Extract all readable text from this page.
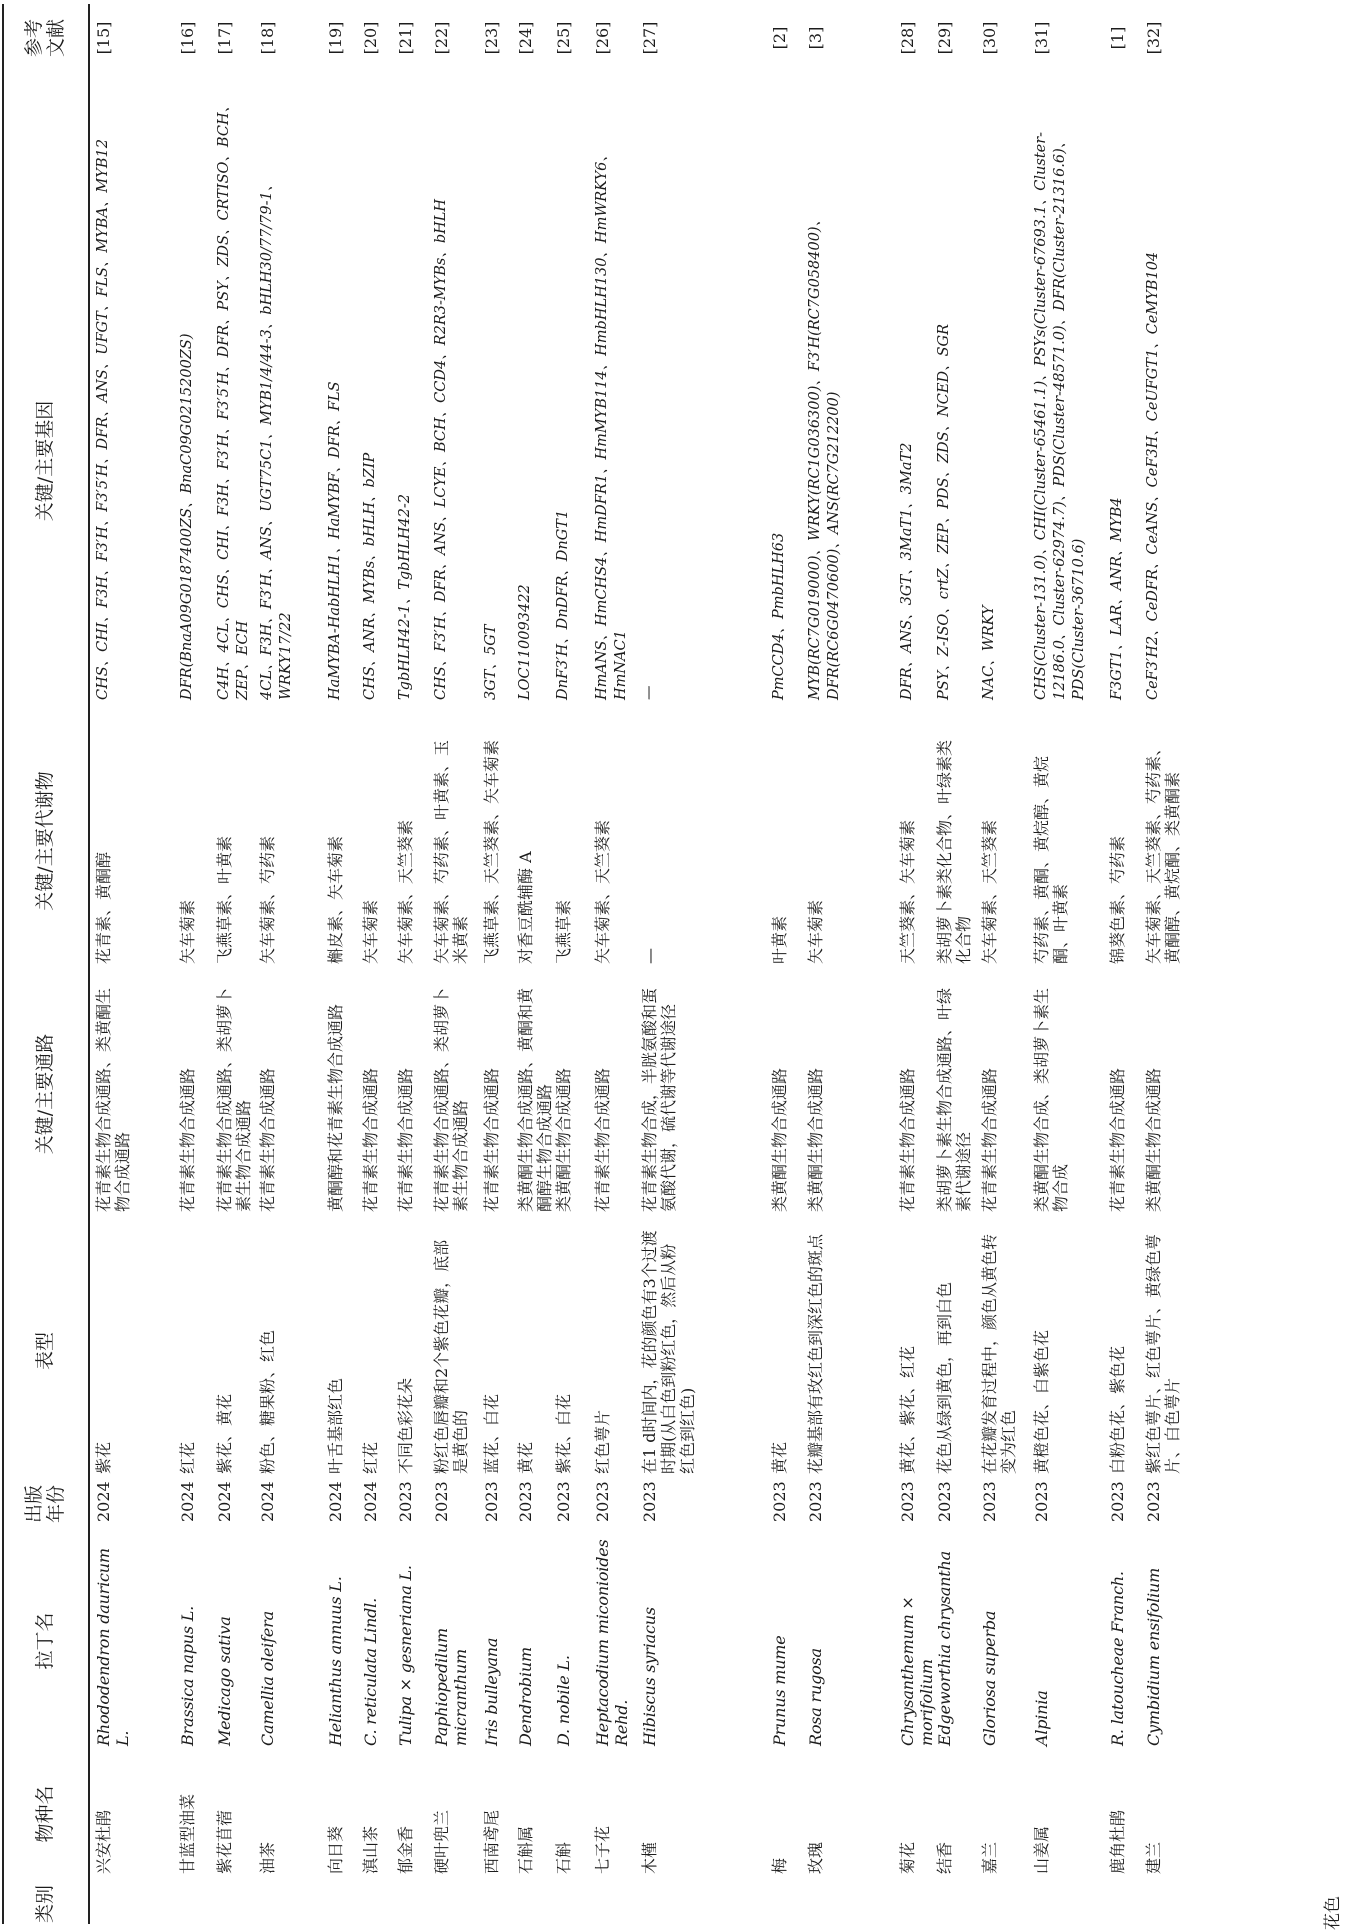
类别
物种名
拉丁名
出版年份
表型
关键/主要通路
关键/主要代谢物
关键/主要基因
参考文献
花色
兴安杜鹃
Rhododendron dauricum L.
2024
紫花
花青素生物合成通路、类黄酮生物合成通路
花青素、黄酮醇
CHS、CHI、F3H、F3′H、F3′5′H、DFR、ANS、UFGT、FLS、MYBA、MYB12
[15]
甘蓝型油菜
Brassica napus L.
2024
红花
花青素生物合成通路
矢车菊素
DFR(BnaA09G0187400ZS、BnaC09G0215200ZS)
[16]
紫花苜蓿
Medicago sativa
2024
紫花、黄花
花青素生物合成通路、类胡萝卜素生物合成通路
飞燕草素、叶黄素
C4H、4CL、CHS、CHI、F3H、F3′H、F3′5′H、DFR、PSY、ZDS、CRTISO、BCH、ZEP、ECH
[17]
油茶
Camellia oleifera
2024
粉色、糖果粉、红色
花青素生物合成通路
矢车菊素、芍药素
4CL、F3H、F3′H、ANS、UGT75C1、MYB1/4/44-3、bHLH30/77/79-1、WRKY17/22
[18]
向日葵
Helianthus annuus L.
2024
叶舌基部红色
黄酮醇和花青素生物合成通路
槲皮素、矢车菊素
HaMYBA-HabHLH1、HaMYBF、DFR、FLS
[19]
滇山茶
C. reticulata Lindl.
2024
红花
花青素生物合成通路
矢车菊素
CHS、ANR、MYBs、bHLH、bZIP
[20]
郁金香
Tulipa × gesneriana L.
2023
不同色彩花朵
花青素生物合成通路
矢车菊素、天竺葵素
TgbHLH42-1、TgbHLH42-2
[21]
硬叶兜兰
Paphiopedilum micranthum
2023
粉红色唇瓣和2个紫色花瓣，底部是黄色的
花青素生物合成通路、类胡萝卜素生物合成通路
矢车菊素、芍药素、叶黄素、玉米黄素
CHS、F3′H、DFR、ANS、LCYE、BCH、CCD4、R2R3-MYBs、bHLH
[22]
西南鸢尾
Iris bulleyana
2023
蓝花、白花
花青素生物合成通路
飞燕草素、天竺葵素、矢车菊素
3GT、5GT
[23]
石斛属
Dendrobium
2023
黄花
类黄酮生物合成通路、黄酮和黄酮醇生物合成通路
对香豆酰辅酶 A
LOC110093422
[24]
石斛
D. nobile L.
2023
紫花、白花
类黄酮生物合成通路
飞燕草素
DnF3′H、DnDFR、DnGT1
[25]
七子花
Heptacodium miconioides Rehd.
2023
红色萼片
花青素生物合成通路
矢车菊素、天竺葵素
HmANS、HmCHS4、HmDFR1、HmMYB114、HmbHLH130、HmWRKY6、HmNAC1
[26]
木槿
Hibiscus syriacus
2023
在1 d时间内，花的颜色有3个过渡时期(从白色到粉红色，然后从粉红色到红色)
花青素生物合成，半胱氨酸和蛋氨酸代谢，硫代谢等代谢途径
—
—
[27]
梅
Prunus mume
2023
黄花
类黄酮生物合成通路
叶黄素
PmCCD4、PmbHLH63
[2]
玫瑰
Rosa rugosa
2023
花瓣基部有玫红色到深红色的斑点
类黄酮生物合成通路
矢车菊素
MYB(RC7G019000)、WRKY(RC1G036300)、F3′H(RC7G058400)、DFR(RC6G0470600)、ANS(RC7G212200)
[3]
菊花
Chrysanthemum × morifolium
2023
黄花、紫花、红花
花青素生物合成通路
天竺葵素、矢车菊素
DFR、ANS、3GT、3MaT1、3MaT2
[28]
结香
Edgeworthia chrysantha
2023
花色从绿到黄色，再到白色
类胡萝卜素生物合成通路、叶绿素代谢途径
类胡萝卜素类化合物、叶绿素类化合物
PSY、Z-ISO、crtZ、ZEP、PDS、ZDS、NCED、SGR
[29]
嘉兰
Gloriosa superba
2023
在花瓣发育过程中，颜色从黄色转变为红色
花青素生物合成通路
矢车菊素、天竺葵素
NAC、WRKY
[30]
山姜属
Alpinia
2023
黄橙色花、白紫色花
类黄酮生物合成、类胡萝卜素生物合成
芍药素、黄酮、黄烷醇、黄烷酮、叶黄素
CHS(Cluster-131.0)、CHI(Cluster-65461.1)、PSYs(Cluster-67693.1、Cluster-12186.0、Cluster-62974.7)、PDS(Cluster-48571.0)、DFR(Cluster-21316.6)、PDS(Cluster-36710.6)
[31]
鹿角杜鹃
R. latoucheae Franch.
2023
白粉色花、紫色花
花青素生物合成通路
锦葵色素、芍药素
F3GT1、LAR、ANR、MYB4
[1]
建兰
Cymbidium ensifolium
2023
紫红色萼片、红色萼片、黄绿色萼片、白色萼片
类黄酮生物合成通路
矢车菊素、天竺葵素、芍药素、黄酮醇、黄烷酮、类黄酮素
CeF3′H2、CeDFR、CeANS、CeF3H、CeUFGT1、CeMYB104
[32]
